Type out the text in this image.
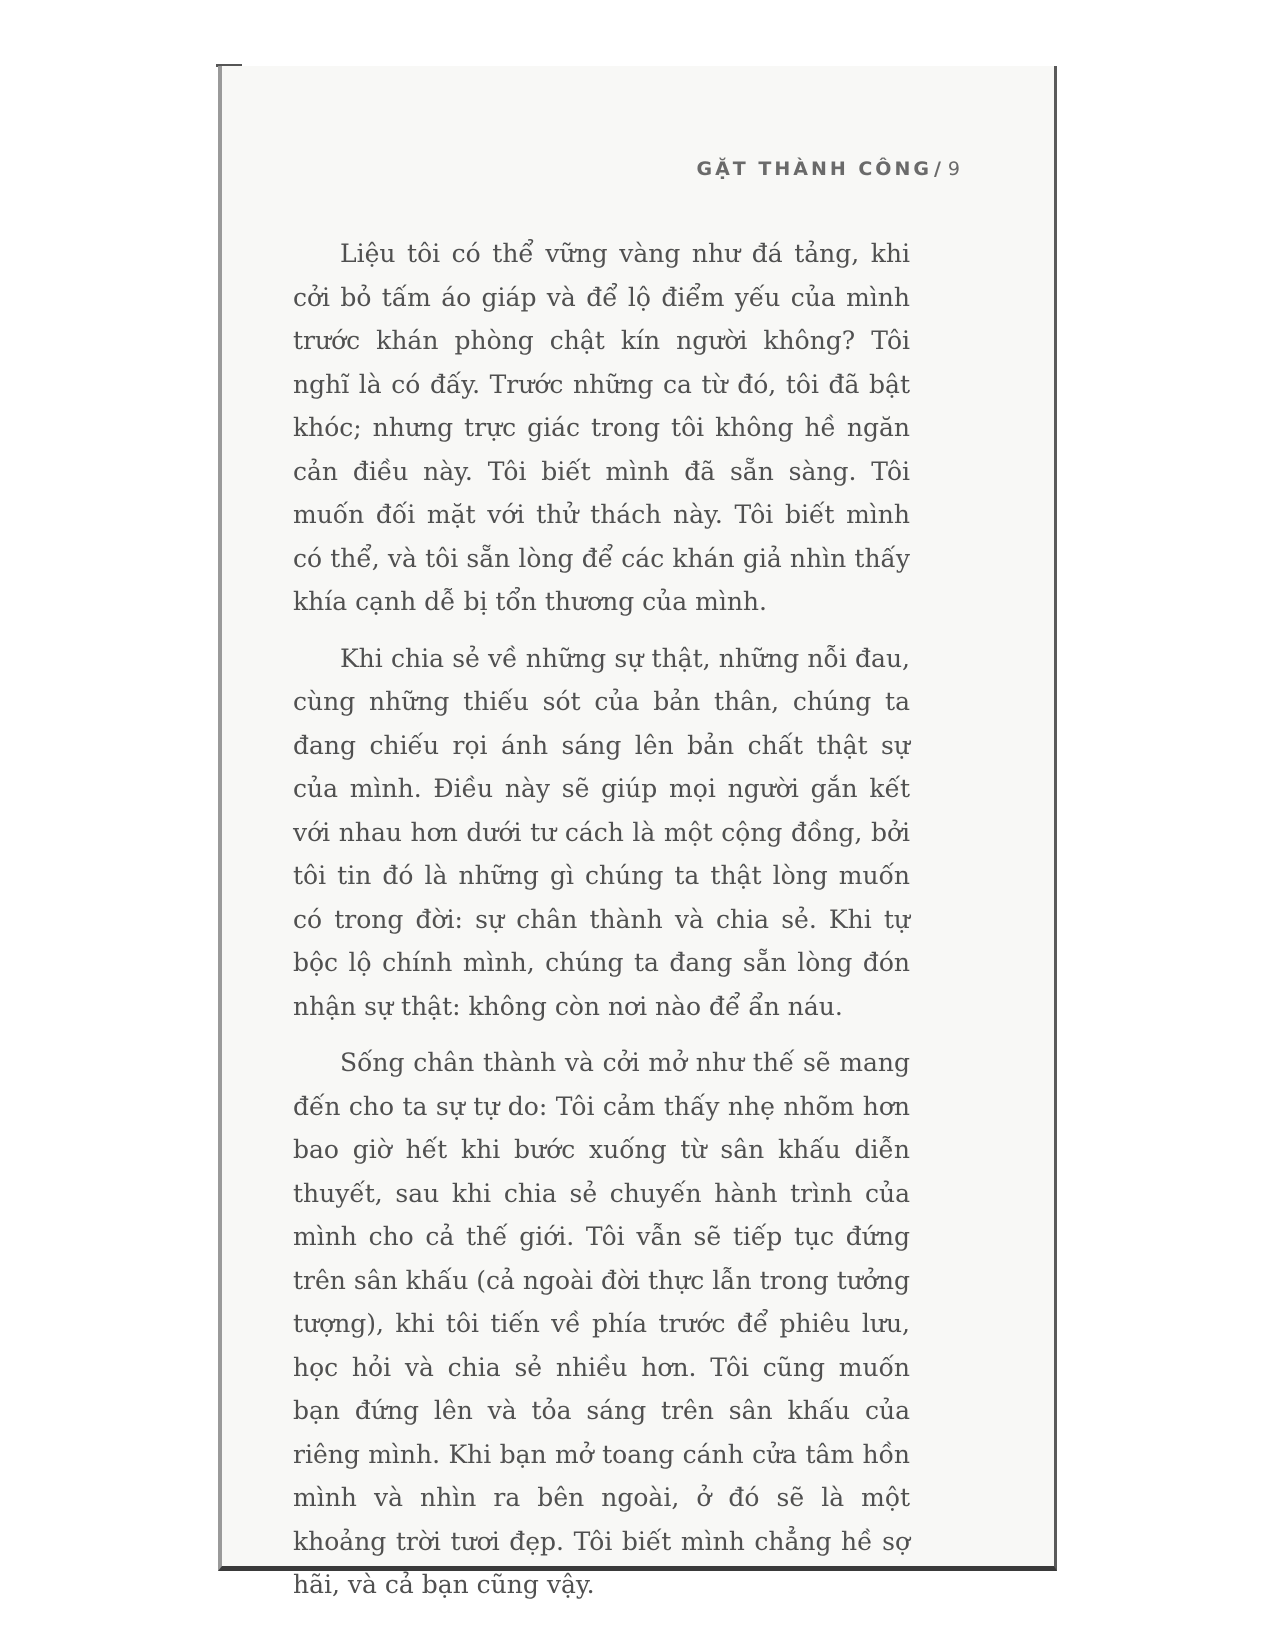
GẶT THÀNH CÔNG / 9

Liệu tôi có thể vững vàng như đá tảng, khi cởi bỏ tấm áo giáp và để lộ điểm yếu của mình trước khán phòng chật kín người không? Tôi nghĩ là có đấy. Trước những ca từ đó, tôi đã bật khóc; nhưng trực giác trong tôi không hề ngăn cản điều này. Tôi biết mình đã sẵn sàng. Tôi muốn đối mặt với thử thách này. Tôi biết mình có thể, và tôi sẵn lòng để các khán giả nhìn thấy khía cạnh dễ bị tổn thương của mình.

Khi chia sẻ về những sự thật, những nỗi đau, cùng những thiếu sót của bản thân, chúng ta đang chiếu rọi ánh sáng lên bản chất thật sự của mình. Điều này sẽ giúp mọi người gắn kết với nhau hơn dưới tư cách là một cộng đồng, bởi tôi tin đó là những gì chúng ta thật lòng muốn có trong đời: sự chân thành và chia sẻ. Khi tự bộc lộ chính mình, chúng ta đang sẵn lòng đón nhận sự thật: không còn nơi nào để ẩn náu.

Sống chân thành và cởi mở như thế sẽ mang đến cho ta sự tự do: Tôi cảm thấy nhẹ nhõm hơn bao giờ hết khi bước xuống từ sân khấu diễn thuyết, sau khi chia sẻ chuyến hành trình của mình cho cả thế giới. Tôi vẫn sẽ tiếp tục đứng trên sân khấu (cả ngoài đời thực lẫn trong tưởng tượng), khi tôi tiến về phía trước để phiêu lưu, học hỏi và chia sẻ nhiều hơn. Tôi cũng muốn bạn đứng lên và tỏa sáng trên sân khấu của riêng mình. Khi bạn mở toang cánh cửa tâm hồn mình và nhìn ra bên ngoài, ở đó sẽ là một khoảng trời tươi đẹp. Tôi biết mình chẳng hề sợ hãi, và cả bạn cũng vậy.
